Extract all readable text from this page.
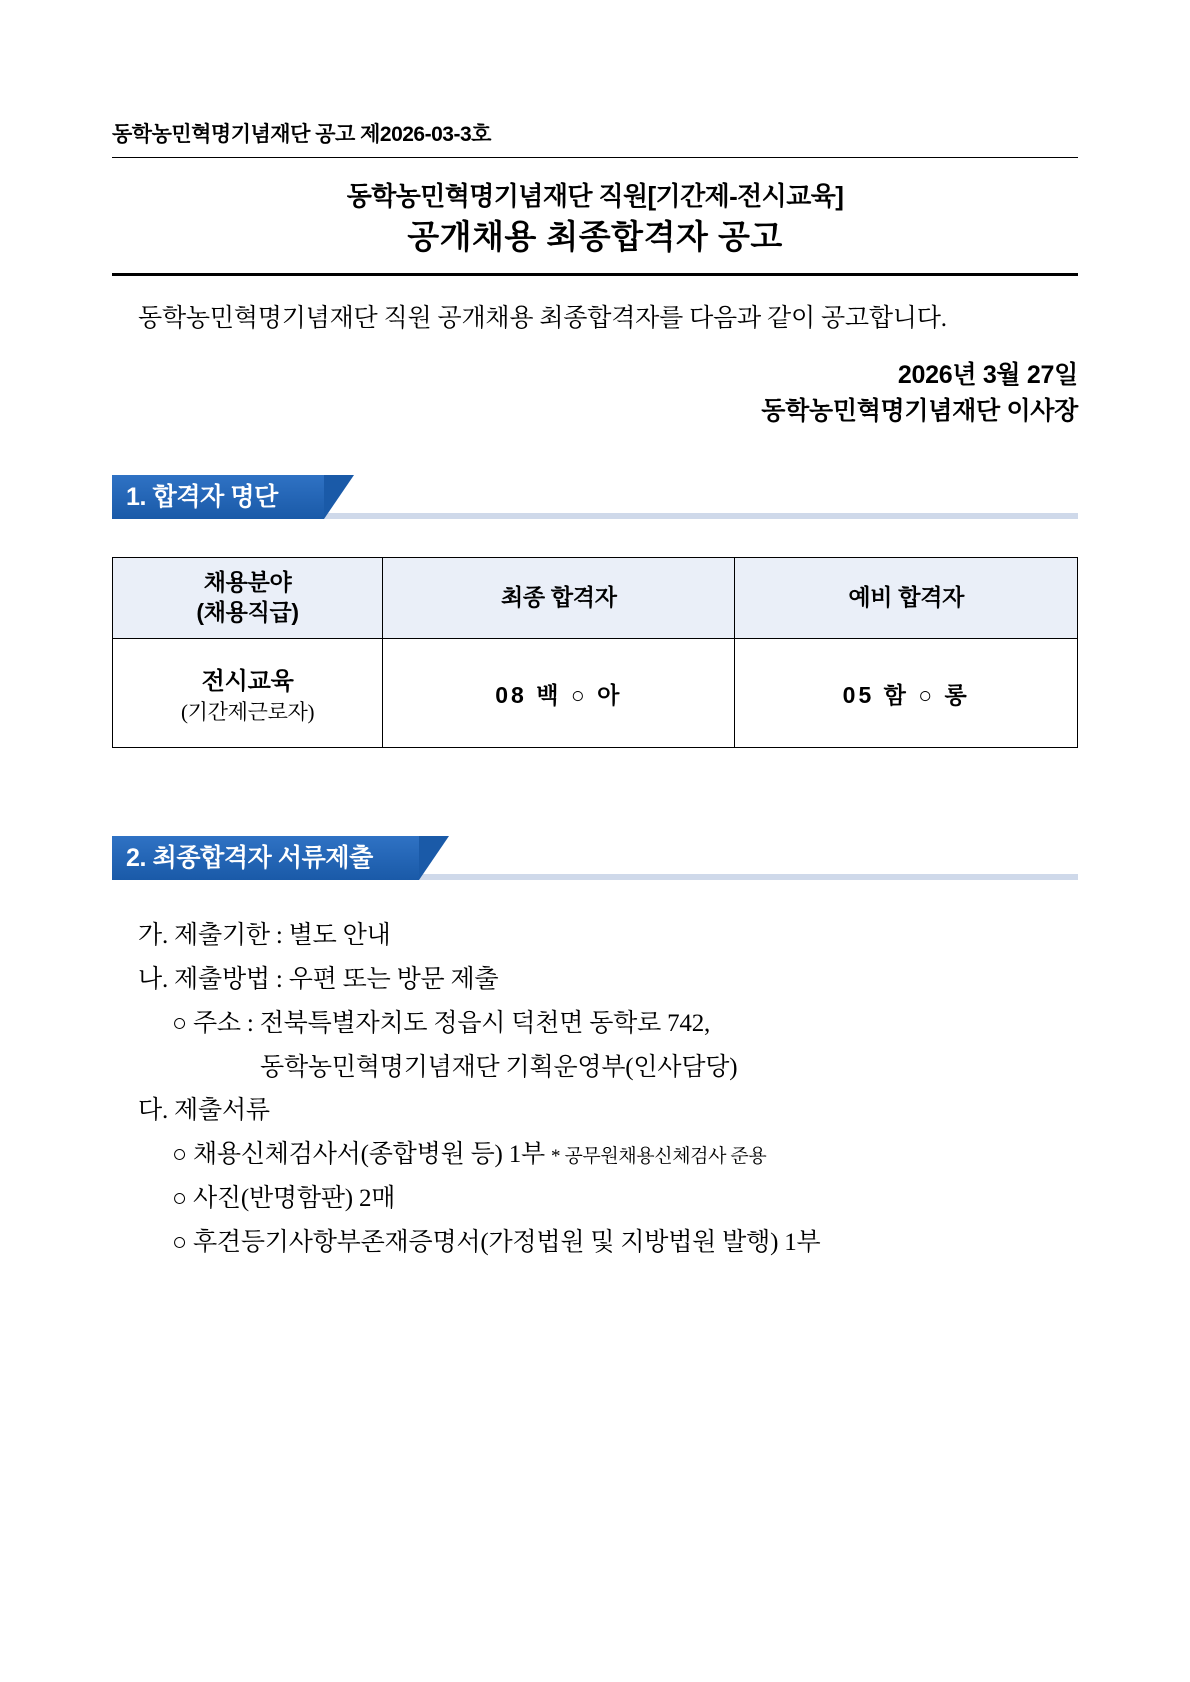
동학농민혁명기념재단 공고 제2026-03-3호
동학농민혁명기념재단 직원[기간제-전시교육]
공개채용 최종합격자 공고
동학농민혁명기념재단 직원 공개채용 최종합격자를 다음과 같이 공고합니다.
2026년 3월 27일
동학농민혁명기념재단 이사장
1. 합격자 명단
채용분야
(채용직급)	최종 합격자	예비 합격자

전시교육
(기간제근로자)	08 백 ○ 아	05 함 ○ 롱
2. 최종합격자 서류제출
가. 제출기한 : 별도 안내
나. 제출방법 : 우편 또는 방문 제출
○ 주소 : 전북특별자치도 정읍시 덕천면 동학로 742,
동학농민혁명기념재단 기획운영부(인사담당)
다. 제출서류
○ 채용신체검사서(종합병원 등) 1부 * 공무원채용신체검사 준용
○ 사진(반명함판) 2매
○ 후견등기사항부존재증명서(가정법원 및 지방법원 발행) 1부
